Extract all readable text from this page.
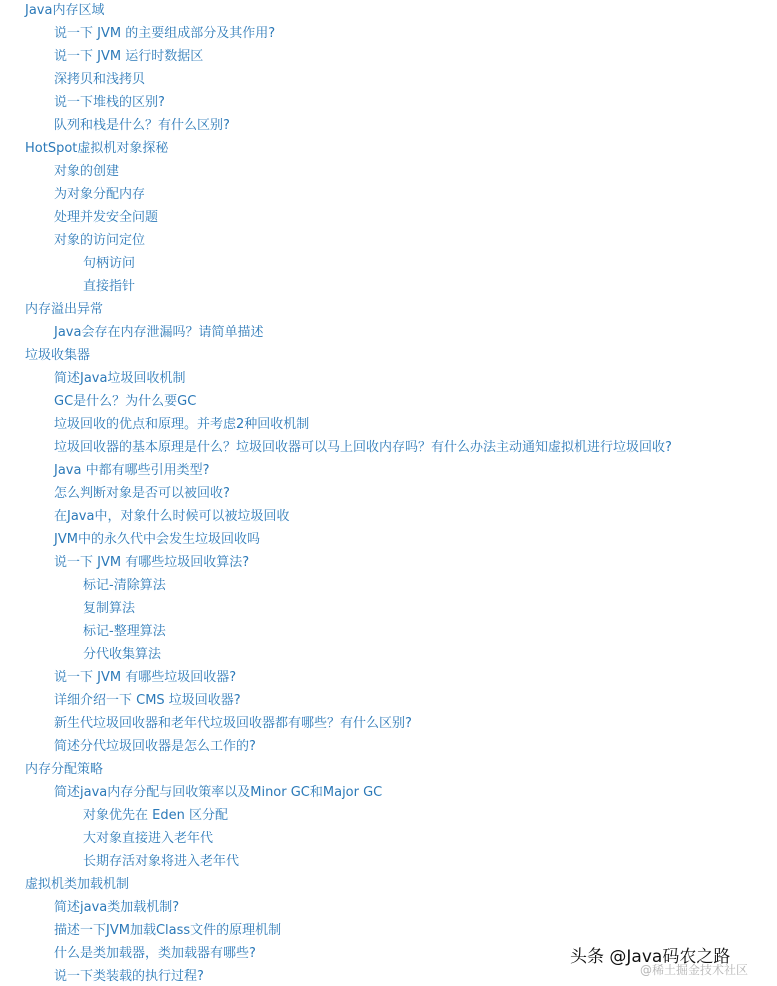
Java内存区域
说一下 JVM 的主要组成部分及其作用?
说一下 JVM 运行时数据区
深拷贝和浅拷贝
说一下堆栈的区别?
队列和栈是什么？有什么区别?
HotSpot虚拟机对象探秘
对象的创建
为对象分配内存
处理并发安全问题
对象的访问定位
句柄访问
直接指针
内存溢出异常
Java会存在内存泄漏吗？请简单描述
垃圾收集器
简述Java垃圾回收机制
GC是什么？为什么要GC
垃圾回收的优点和原理。并考虑2种回收机制
垃圾回收器的基本原理是什么？垃圾回收器可以马上回收内存吗？有什么办法主动通知虚拟机进行垃圾回收?
Java 中都有哪些引用类型?
怎么判断对象是否可以被回收?
在Java中，对象什么时候可以被垃圾回收
JVM中的永久代中会发生垃圾回收吗
说一下 JVM 有哪些垃圾回收算法?
标记-清除算法
复制算法
标记-整理算法
分代收集算法
说一下 JVM 有哪些垃圾回收器?
详细介绍一下 CMS 垃圾回收器?
新生代垃圾回收器和老年代垃圾回收器都有哪些？有什么区别?
简述分代垃圾回收器是怎么工作的?
内存分配策略
简述java内存分配与回收策率以及Minor GC和Major GC
对象优先在 Eden 区分配
大对象直接进入老年代
长期存活对象将进入老年代
虚拟机类加载机制
简述java类加载机制?
描述一下JVM加载Class文件的原理机制
什么是类加载器，类加载器有哪些?
说一下类装载的执行过程?	@稀土掘金技术社区
头条 @Java码农之路
